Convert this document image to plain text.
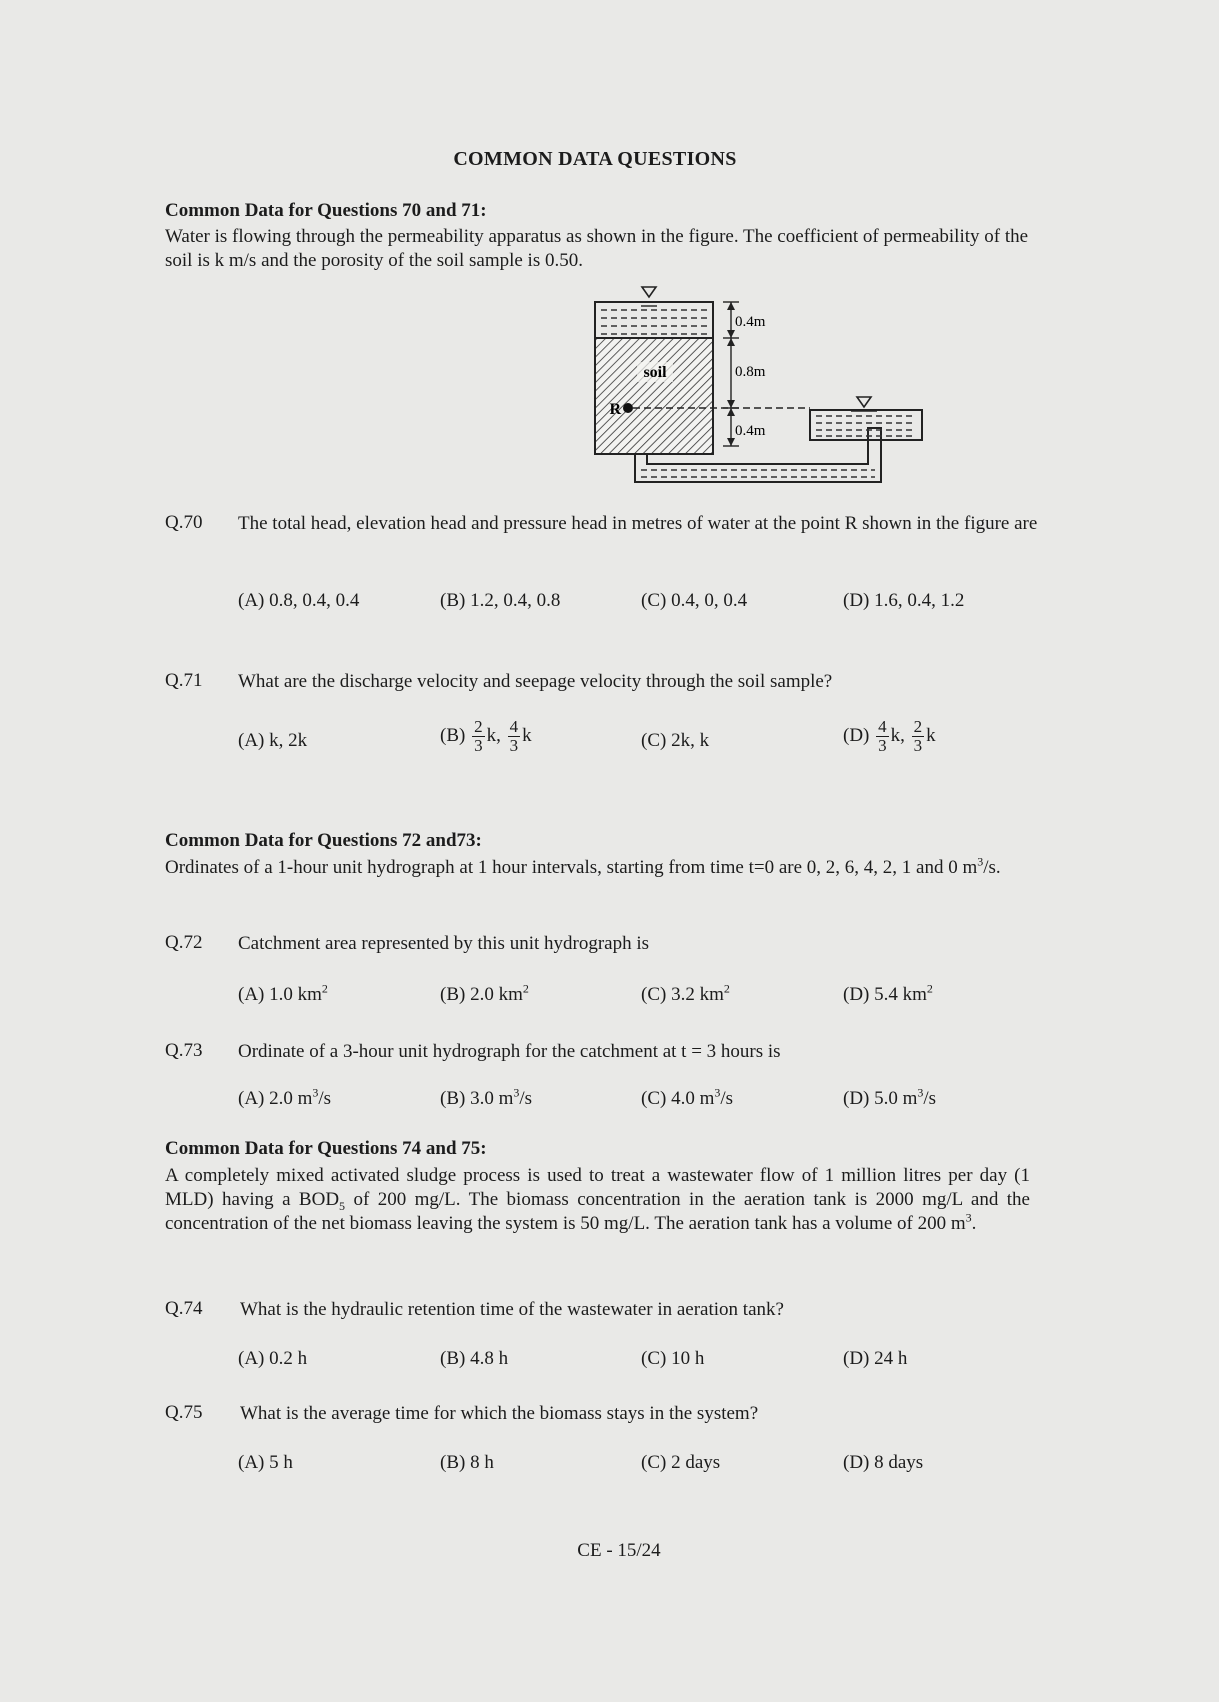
COMMON DATA QUESTIONS
Common Data for Questions 70 and 71:
Water is flowing through the permeability apparatus as shown in the figure. The coefficient of permeability of the soil is k m/s and the porosity of the soil sample is 0.50.
soil
R
0.4m
0.8m
0.4m
Q.70 The total head, elevation head and pressure head in metres of water at the point R shown in the figure are
(A) 0.8, 0.4, 0.4	(B) 1.2, 0.4, 0.8	(C) 0.4, 0, 0.4	(D) 1.6, 0.4, 1.2
Q.71 What are the discharge velocity and seepage velocity through the soil sample?
(A) k, 2k	$(B) \frac{2}{3} k$, $\frac{4}{3}$ k	(C) 2k, k	$(D) \frac{4}{3} k$, $\frac{2}{3}$ k
Common Data for Questions 72 and73:
Ordinates of a 1-hour unit hydrograph at 1 hour intervals, starting from time t=0 are 0, 2, 6, 4, 2, 1 and 0 $m^3/s$.
Q.72 Catchment area represented by this unit hydrograph is
(A) 1.0 $km^2$	(B) 2.0 $km^2$	(C) 3.2 $km^2$	(D) 5.4 $km^2$
Q.73 Ordinate of a 3-hour unit hydrograph for the catchment at t = 3 hours is
(A) 2.0 $m^3/s$	(B) 3.0 $m^3/s$	(C) 4.0 $m^3/s$	(D) 5.0 $m^3/s$
Common Data for Questions 74 and 75:
A completely mixed activated sludge process is used to treat a wastewater flow of 1 million litres per day (1 MLD) having a $BOD_5$ of 200 mg/L. The biomass concentration in the aeration tank is 2000 mg/L and the concentration of the net biomass leaving the system is 50 mg/L. The aeration tank has a volume of 200 $m^3$.
Q.74 What is the hydraulic retention time of the wastewater in aeration tank?
(A) 0.2 h	(B) 4.8 h	(C) 10 h	(D) 24 h
Q.75 What is the average time for which the biomass stays in the system?
(A) 5 h	(B) 8 h	(C) 2 days	(D) 8 days
CE - 15/24
